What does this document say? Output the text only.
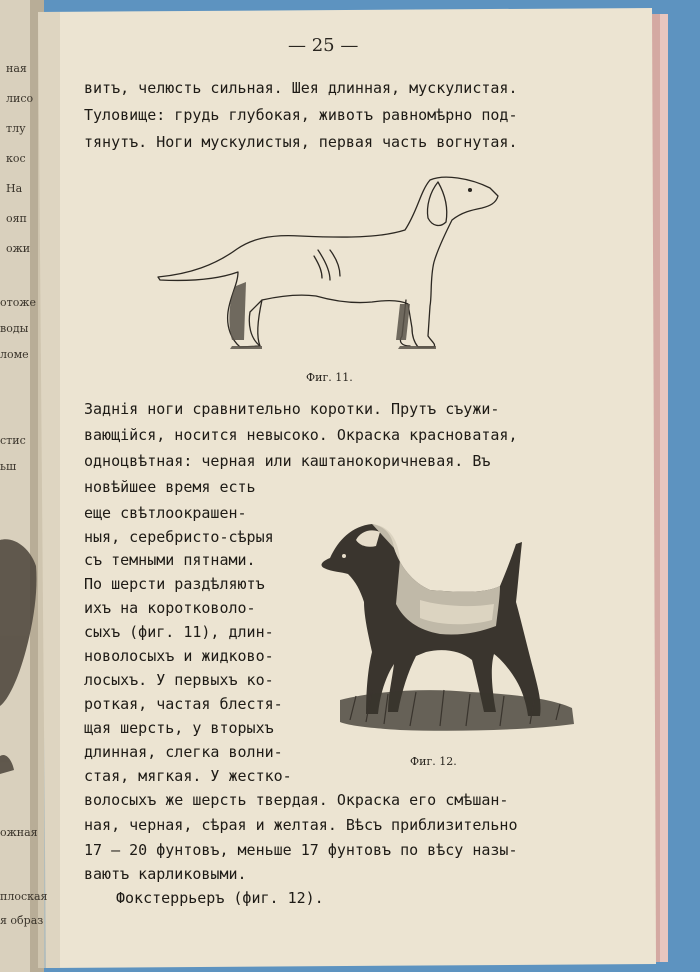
— 25 —
витъ, челюсть сильная. Шея длинная, мускулистая.
Туловище: грудь глубокая, животъ равномѣрно под-
тянутъ. Ноги мускулистыя, первая часть вогнутая.
Фиг. 11.
Заднія ноги сравнительно коротки. Прутъ съужи-
вающійся, носится невысоко. Окраска красноватая,
одноцвѣтная: черная или каштанокоричневая. Въ
новѣйшее время есть
еще свѣтлоокрашен-
ныя, серебристо-сѣрыя
съ темными пятнами.
По шерсти раздѣляютъ
ихъ на коротковоло-
сыхъ (фиг. 11), длин-
новолосыхъ и жидково-
лосыхъ. У первыхъ ко-
роткая, частая блестя-
щая шерсть, у вторыхъ
длинная, слегка волни-
стая, мягкая. У жестко-
Фиг. 12.
волосыхъ же шерсть твердая. Окраска его смѣшан-
ная, черная, сѣрая и желтая. Вѣсъ приблизительно
17 — 20 фунтовъ, меньше 17 фунтовъ по вѣсу назы-
ваютъ карликовыми.
Фокстеррьеръ (фиг. 12).
ная
лисо
тлу
кос
На
ояп
ожи
отоже
воды
ломе
стис
ьш
ожная
плоская
я образ
